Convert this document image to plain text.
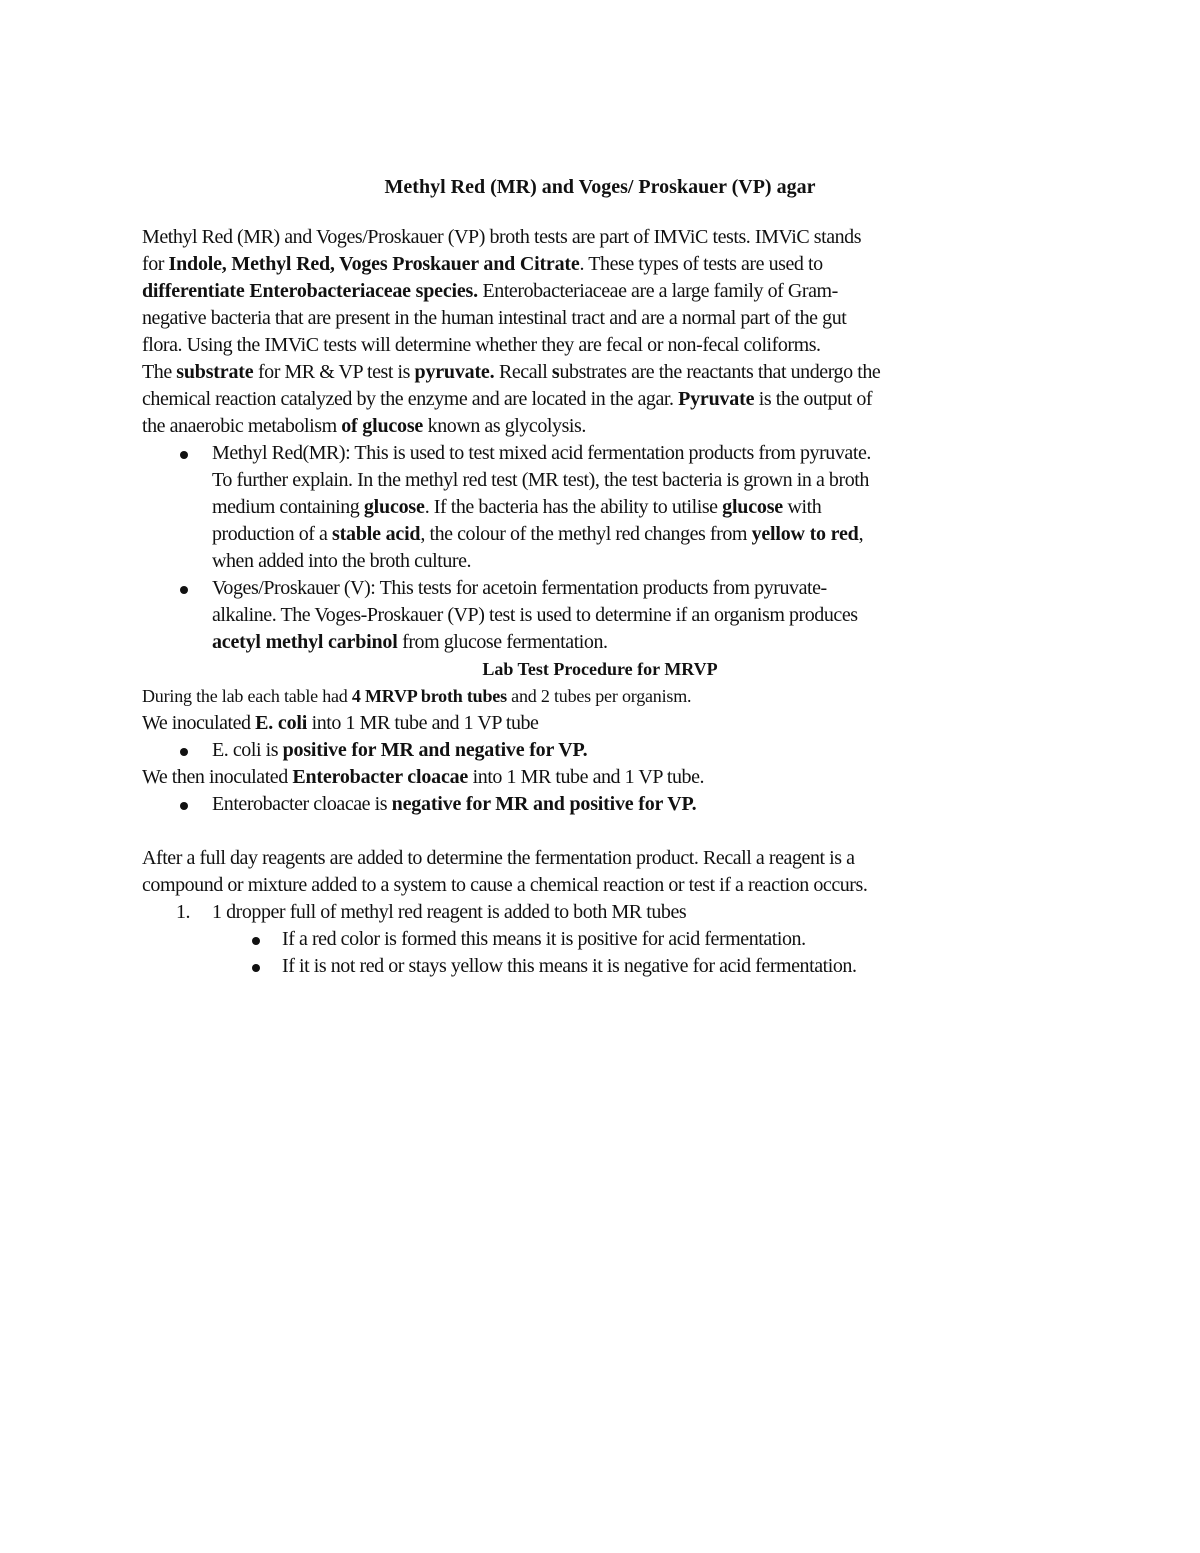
Methyl Red (MR) and Voges/ Proskauer (VP) agar

Methyl Red (MR) and Voges/Proskauer (VP) broth tests are part of IMViC tests. IMViC stands
for Indole, Methyl Red, Voges Proskauer and Citrate. These types of tests are used to
differentiate Enterobacteriaceae species. Enterobacteriaceae are a large family of Gram-
negative bacteria that are present in the human intestinal tract and are a normal part of the gut
flora. Using the IMViC tests will determine whether they are fecal or non-fecal coliforms.
The substrate for MR & VP test is pyruvate. Recall substrates are the reactants that undergo the
chemical reaction catalyzed by the enzyme and are located in the agar. Pyruvate is the output of
the anaerobic metabolism of glucose known as glycolysis.

Methyl Red(MR): This is used to test mixed acid fermentation products from pyruvate.
To further explain. In the methyl red test (MR test), the test bacteria is grown in a broth
medium containing glucose. If the bacteria has the ability to utilise glucose with
production of a stable acid, the colour of the methyl red changes from yellow to red,
when added into the broth culture.
Voges/Proskauer (V): This tests for acetoin fermentation products from pyruvate-
alkaline. The Voges-Proskauer (VP) test is used to determine if an organism produces
acetyl methyl carbinol from glucose fermentation.
Lab Test Procedure for MRVP
During the lab each table had 4 MRVP broth tubes and 2 tubes per organism.
We inoculated E. coli into 1 MR tube and 1 VP tube
E. coli is positive for MR and negative for VP.
We then inoculated Enterobacter cloacae into 1 MR tube and 1 VP tube.
Enterobacter cloacae is negative for MR and positive for VP.
After a full day reagents are added to determine the fermentation product. Recall a reagent is a
compound or mixture added to a system to cause a chemical reaction or test if a reaction occurs.
1. 1 dropper full of methyl red reagent is added to both MR tubes
If a red color is formed this means it is positive for acid fermentation.
If it is not red or stays yellow this means it is negative for acid fermentation.
